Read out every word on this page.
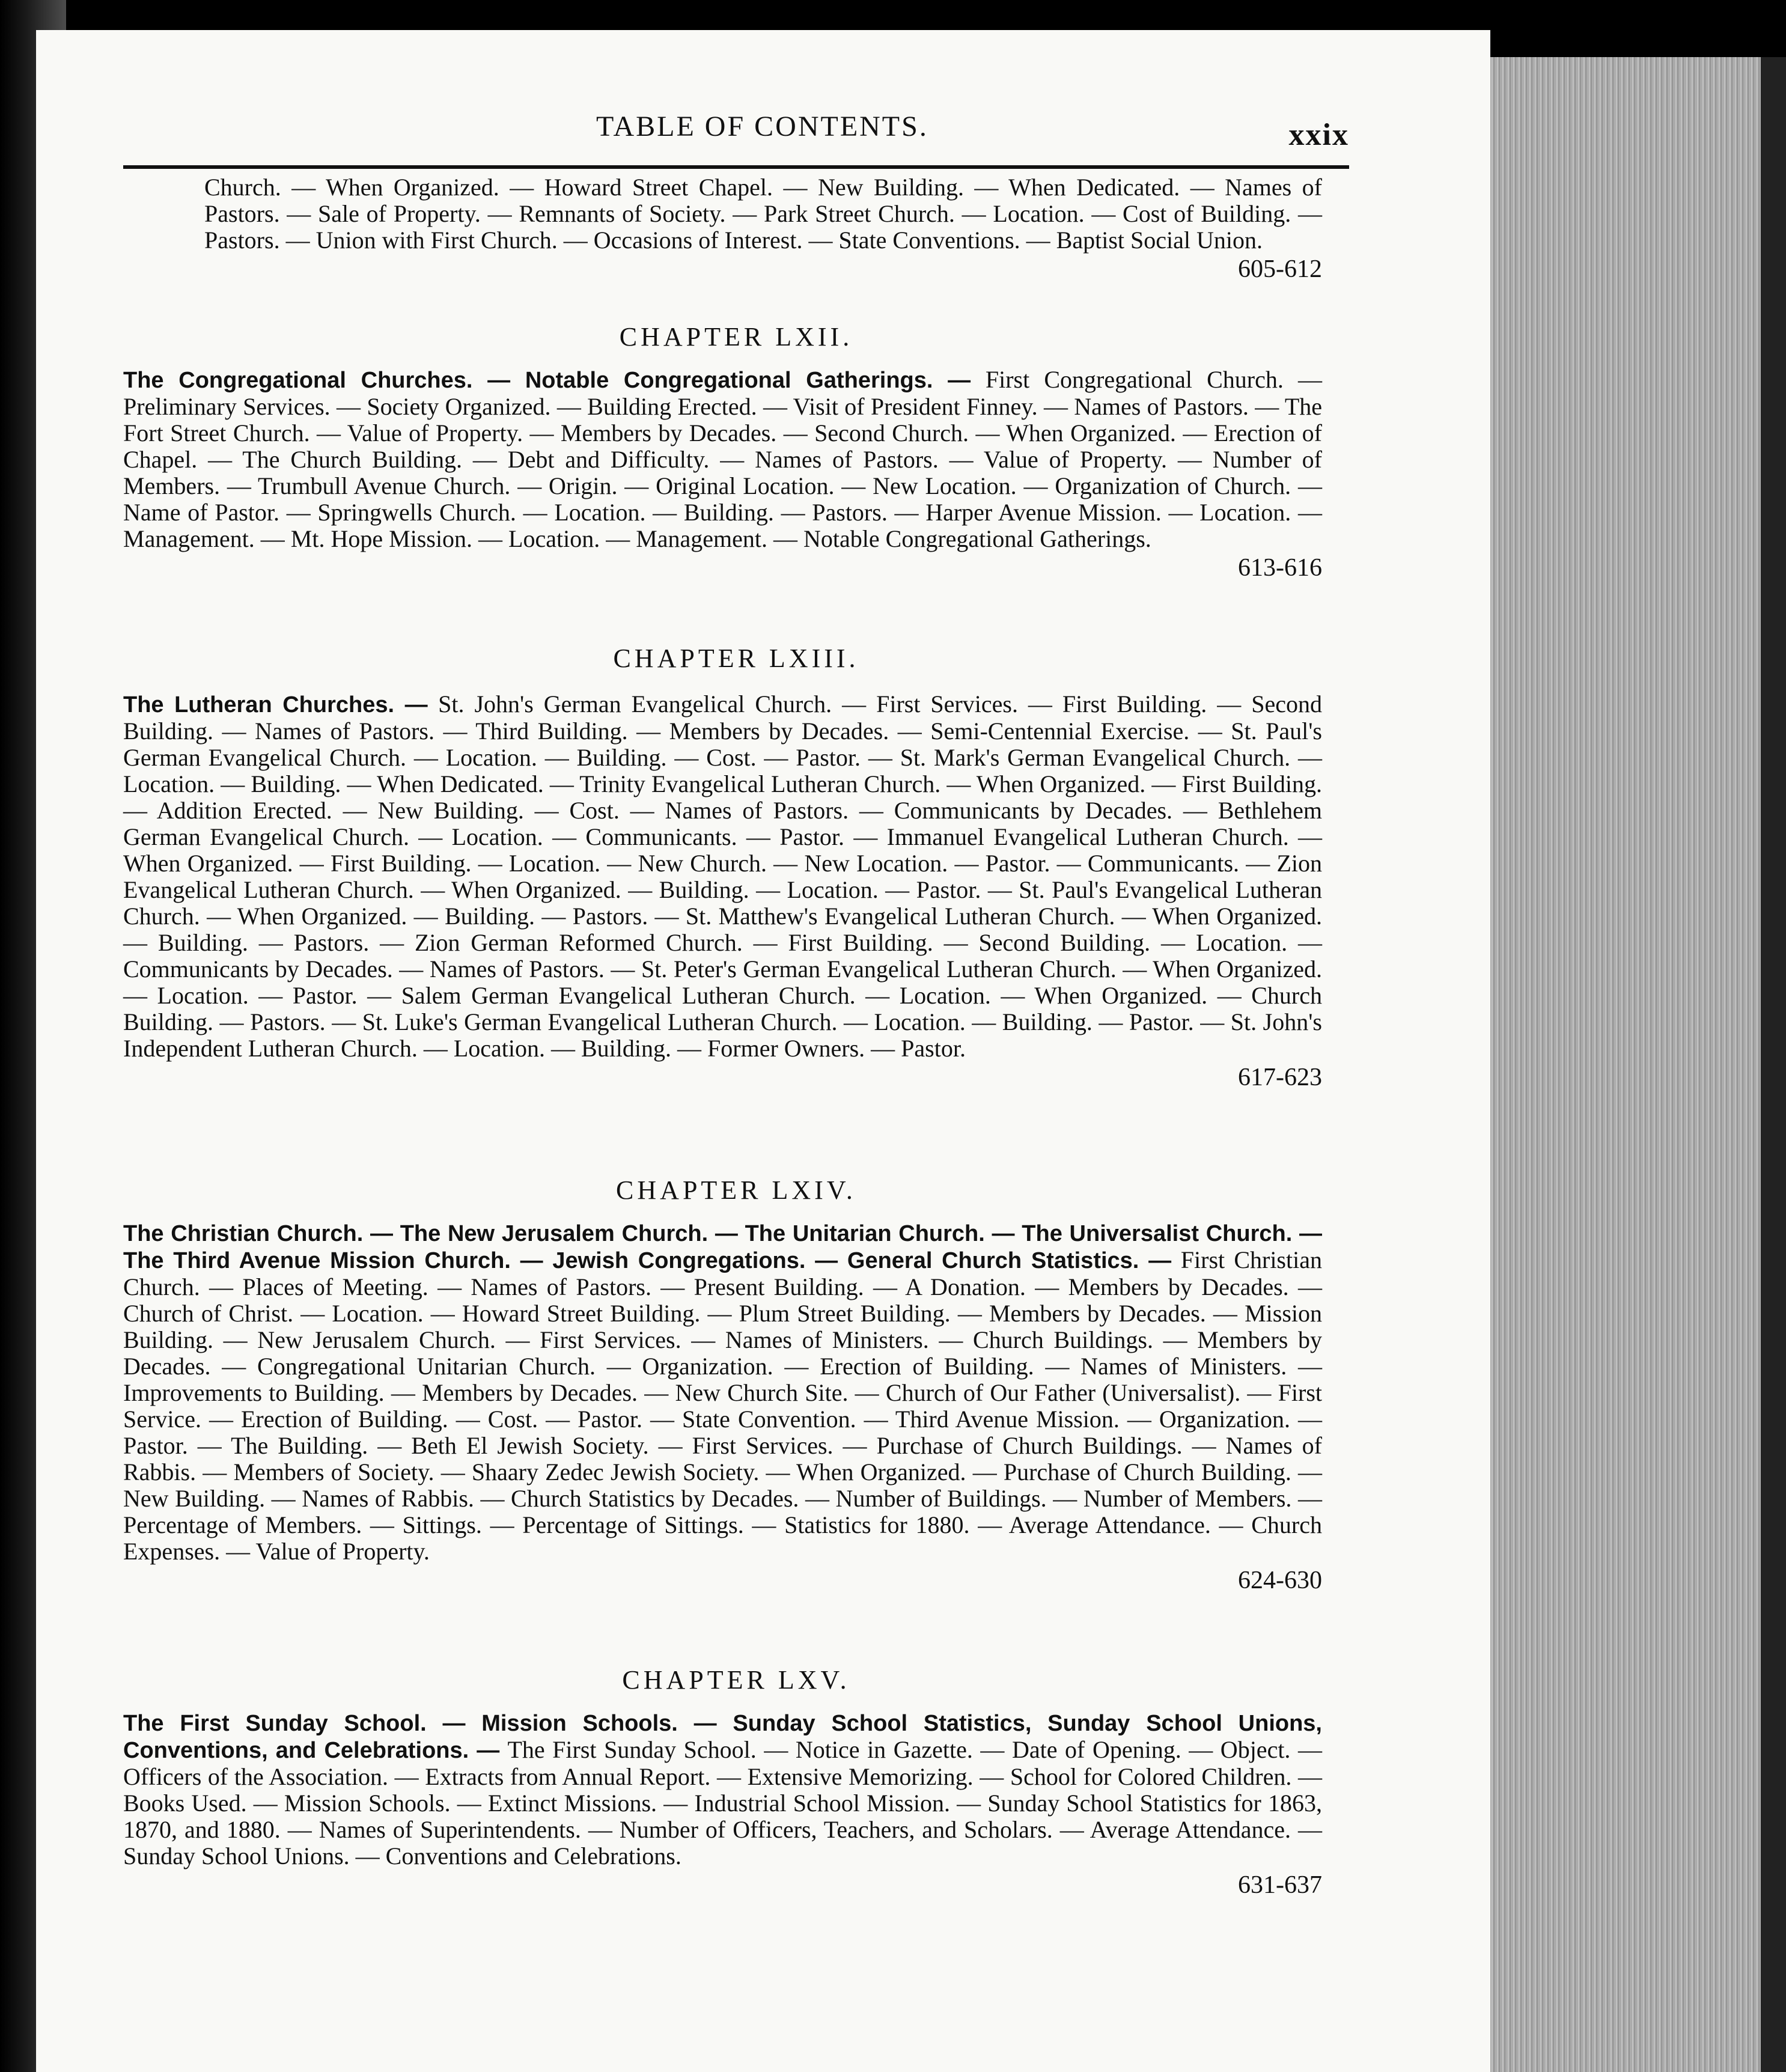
TABLE OF CONTENTS.	xxix
Church. — When Organized. — Howard Street Chapel. — New Building. — When Dedicated. — Names of Pastors. — Sale of Property. — Remnants of Society. — Park Street Church. — Location. — Cost of Building. — Pastors. — Union with First Church. — Occasions of Interest. — State Conventions. — Baptist Social Union.
605-612
CHAPTER LXII.
The Congregational Churches. — Notable Congregational Gatherings. — First Congregational Church. — Preliminary Services. — Society Organized. — Building Erected. — Visit of President Finney. — Names of Pastors. — The Fort Street Church. — Value of Property. — Members by Decades. — Second Church. — When Organized. — Erection of Chapel. — The Church Building. — Debt and Difficulty. — Names of Pastors. — Value of Property. — Number of Members. — Trumbull Avenue Church. — Origin. — Original Location. — New Location. — Organization of Church. — Name of Pastor. — Springwells Church. — Location. — Building. — Pastors. — Harper Avenue Mission. — Location. — Management. — Mt. Hope Mission. — Location. — Management. — Notable Congregational Gatherings.
613-616
CHAPTER LXIII.
The Lutheran Churches. — St. John's German Evangelical Church. — First Services. — First Building. — Second Building. — Names of Pastors. — Third Building. — Members by Decades. — Semi-Centennial Exercise. — St. Paul's German Evangelical Church. — Location. — Building. — Cost. — Pastor. — St. Mark's German Evangelical Church. — Location. — Building. — When Dedicated. — Trinity Evangelical Lutheran Church. — When Organized. — First Building. — Addition Erected. — New Building. — Cost. — Names of Pastors. — Communicants by Decades. — Bethlehem German Evangelical Church. — Location. — Communicants. — Pastor. — Immanuel Evangelical Lutheran Church. — When Organized. — First Building. — Location. — New Church. — New Location. — Pastor. — Communicants. — Zion Evangelical Lutheran Church. — When Organized. — Building. — Location. — Pastor. — St. Paul's Evangelical Lutheran Church. — When Organized. — Building. — Pastors. — St. Matthew's Evangelical Lutheran Church. — When Organized. — Building. — Pastors. — Zion German Reformed Church. — First Building. — Second Building. — Location. — Communicants by Decades. — Names of Pastors. — St. Peter's German Evangelical Lutheran Church. — When Organized. — Location. — Pastor. — Salem German Evangelical Lutheran Church. — Location. — When Organized. — Church Building. — Pastors. — St. Luke's German Evangelical Lutheran Church. — Location. — Building. — Pastor. — St. John's Independent Lutheran Church. — Location. — Building. — Former Owners. — Pastor.
617-623
CHAPTER LXIV.
The Christian Church. — The New Jerusalem Church. — The Unitarian Church. — The Universalist Church. — The Third Avenue Mission Church. — Jewish Congregations. — General Church Statistics. — First Christian Church. — Places of Meeting. — Names of Pastors. — Present Building. — A Donation. — Members by Decades. — Church of Christ. — Location. — Howard Street Building. — Plum Street Building. — Members by Decades. — Mission Building. — New Jerusalem Church. — First Services. — Names of Ministers. — Church Buildings. — Members by Decades. — Congregational Unitarian Church. — Organization. — Erection of Building. — Names of Ministers. — Improvements to Building. — Members by Decades. — New Church Site. — Church of Our Father (Universalist). — First Service. — Erection of Building. — Cost. — Pastor. — State Convention. — Third Avenue Mission. — Organization. — Pastor. — The Building. — Beth El Jewish Society. — First Services. — Purchase of Church Buildings. — Names of Rabbis. — Members of Society. — Shaary Zedec Jewish Society. — When Organized. — Purchase of Church Building. — New Building. — Names of Rabbis. — Church Statistics by Decades. — Number of Buildings. — Number of Members. — Percentage of Members. — Sittings. — Percentage of Sittings. — Statistics for 1880. — Average Attendance. — Church Expenses. — Value of Property.
624-630
CHAPTER LXV.
The First Sunday School. — Mission Schools. — Sunday School Statistics, Sunday School Unions, Conventions, and Celebrations. — The First Sunday School. — Notice in Gazette. — Date of Opening. — Object. — Officers of the Association. — Extracts from Annual Report. — Extensive Memorizing. — School for Colored Children. — Books Used. — Mission Schools. — Extinct Missions. — Industrial School Mission. — Sunday School Statistics for 1863, 1870, and 1880. — Names of Superintendents. — Number of Officers, Teachers, and Scholars. — Average Attendance. — Sunday School Unions. — Conventions and Celebrations.
631-637
